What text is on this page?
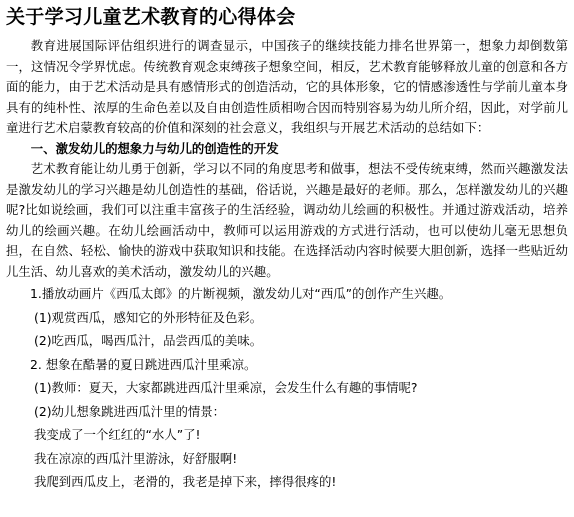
关于学习儿童艺术教育的心得体会

教育进展国际评估组织进行的调查显示，中国孩子的继续技能力排名世界第一，想象力却倒数第一，这情况令学界忧虑。传统教育观念束缚孩子想象空间，相反，艺术教育能够释放儿童的创意和各方面的能力，由于艺术活动是具有感情形式的创造活动，它的具体形象，它的情感渗透性与学前儿童本身具有的纯朴性、浓厚的生命色差以及自由创造性质相吻合因而特别容易为幼儿所介绍，因此，对学前儿童进行艺术启蒙教育较高的价值和深刻的社会意义，我组织与开展艺术活动的总结如下：

一、激发幼儿的想象力与幼儿的创造性的开发

艺术教育能让幼儿勇于创新，学习以不同的角度思考和做事，想法不受传统束缚，然而兴趣激发法是激发幼儿的学习兴趣是幼儿创造性的基础，俗话说，兴趣是最好的老师。那么，怎样激发幼儿的兴趣呢?比如说绘画，我们可以注重丰富孩子的生活经验，调动幼儿绘画的积极性。并通过游戏活动，培养幼儿的绘画兴趣。在幼儿绘画活动中，教师可以运用游戏的方式进行活动，也可以使幼儿毫无思想负担，在自然、轻松、愉快的游戏中获取知识和技能。在选择活动内容时候要大胆创新，选择一些贴近幼儿生活、幼儿喜欢的美术活动，激发幼儿的兴趣。

1.播放动画片《西瓜太郎》的片断视频，激发幼儿对“西瓜”的创作产生兴趣。

(1)观赏西瓜，感知它的外形特征及色彩。

(2)吃西瓜，喝西瓜汁，品尝西瓜的美味。

2. 想象在酷暑的夏日跳进西瓜汁里乘凉。

(1)教师：夏天，大家都跳进西瓜汁里乘凉，会发生什么有趣的事情呢?

(2)幼儿想象跳进西瓜汁里的情景：

我变成了一个红红的“水人”了!

我在凉凉的西瓜汁里游泳，好舒服啊!

我爬到西瓜皮上，老滑的，我老是掉下来，摔得很疼的!
